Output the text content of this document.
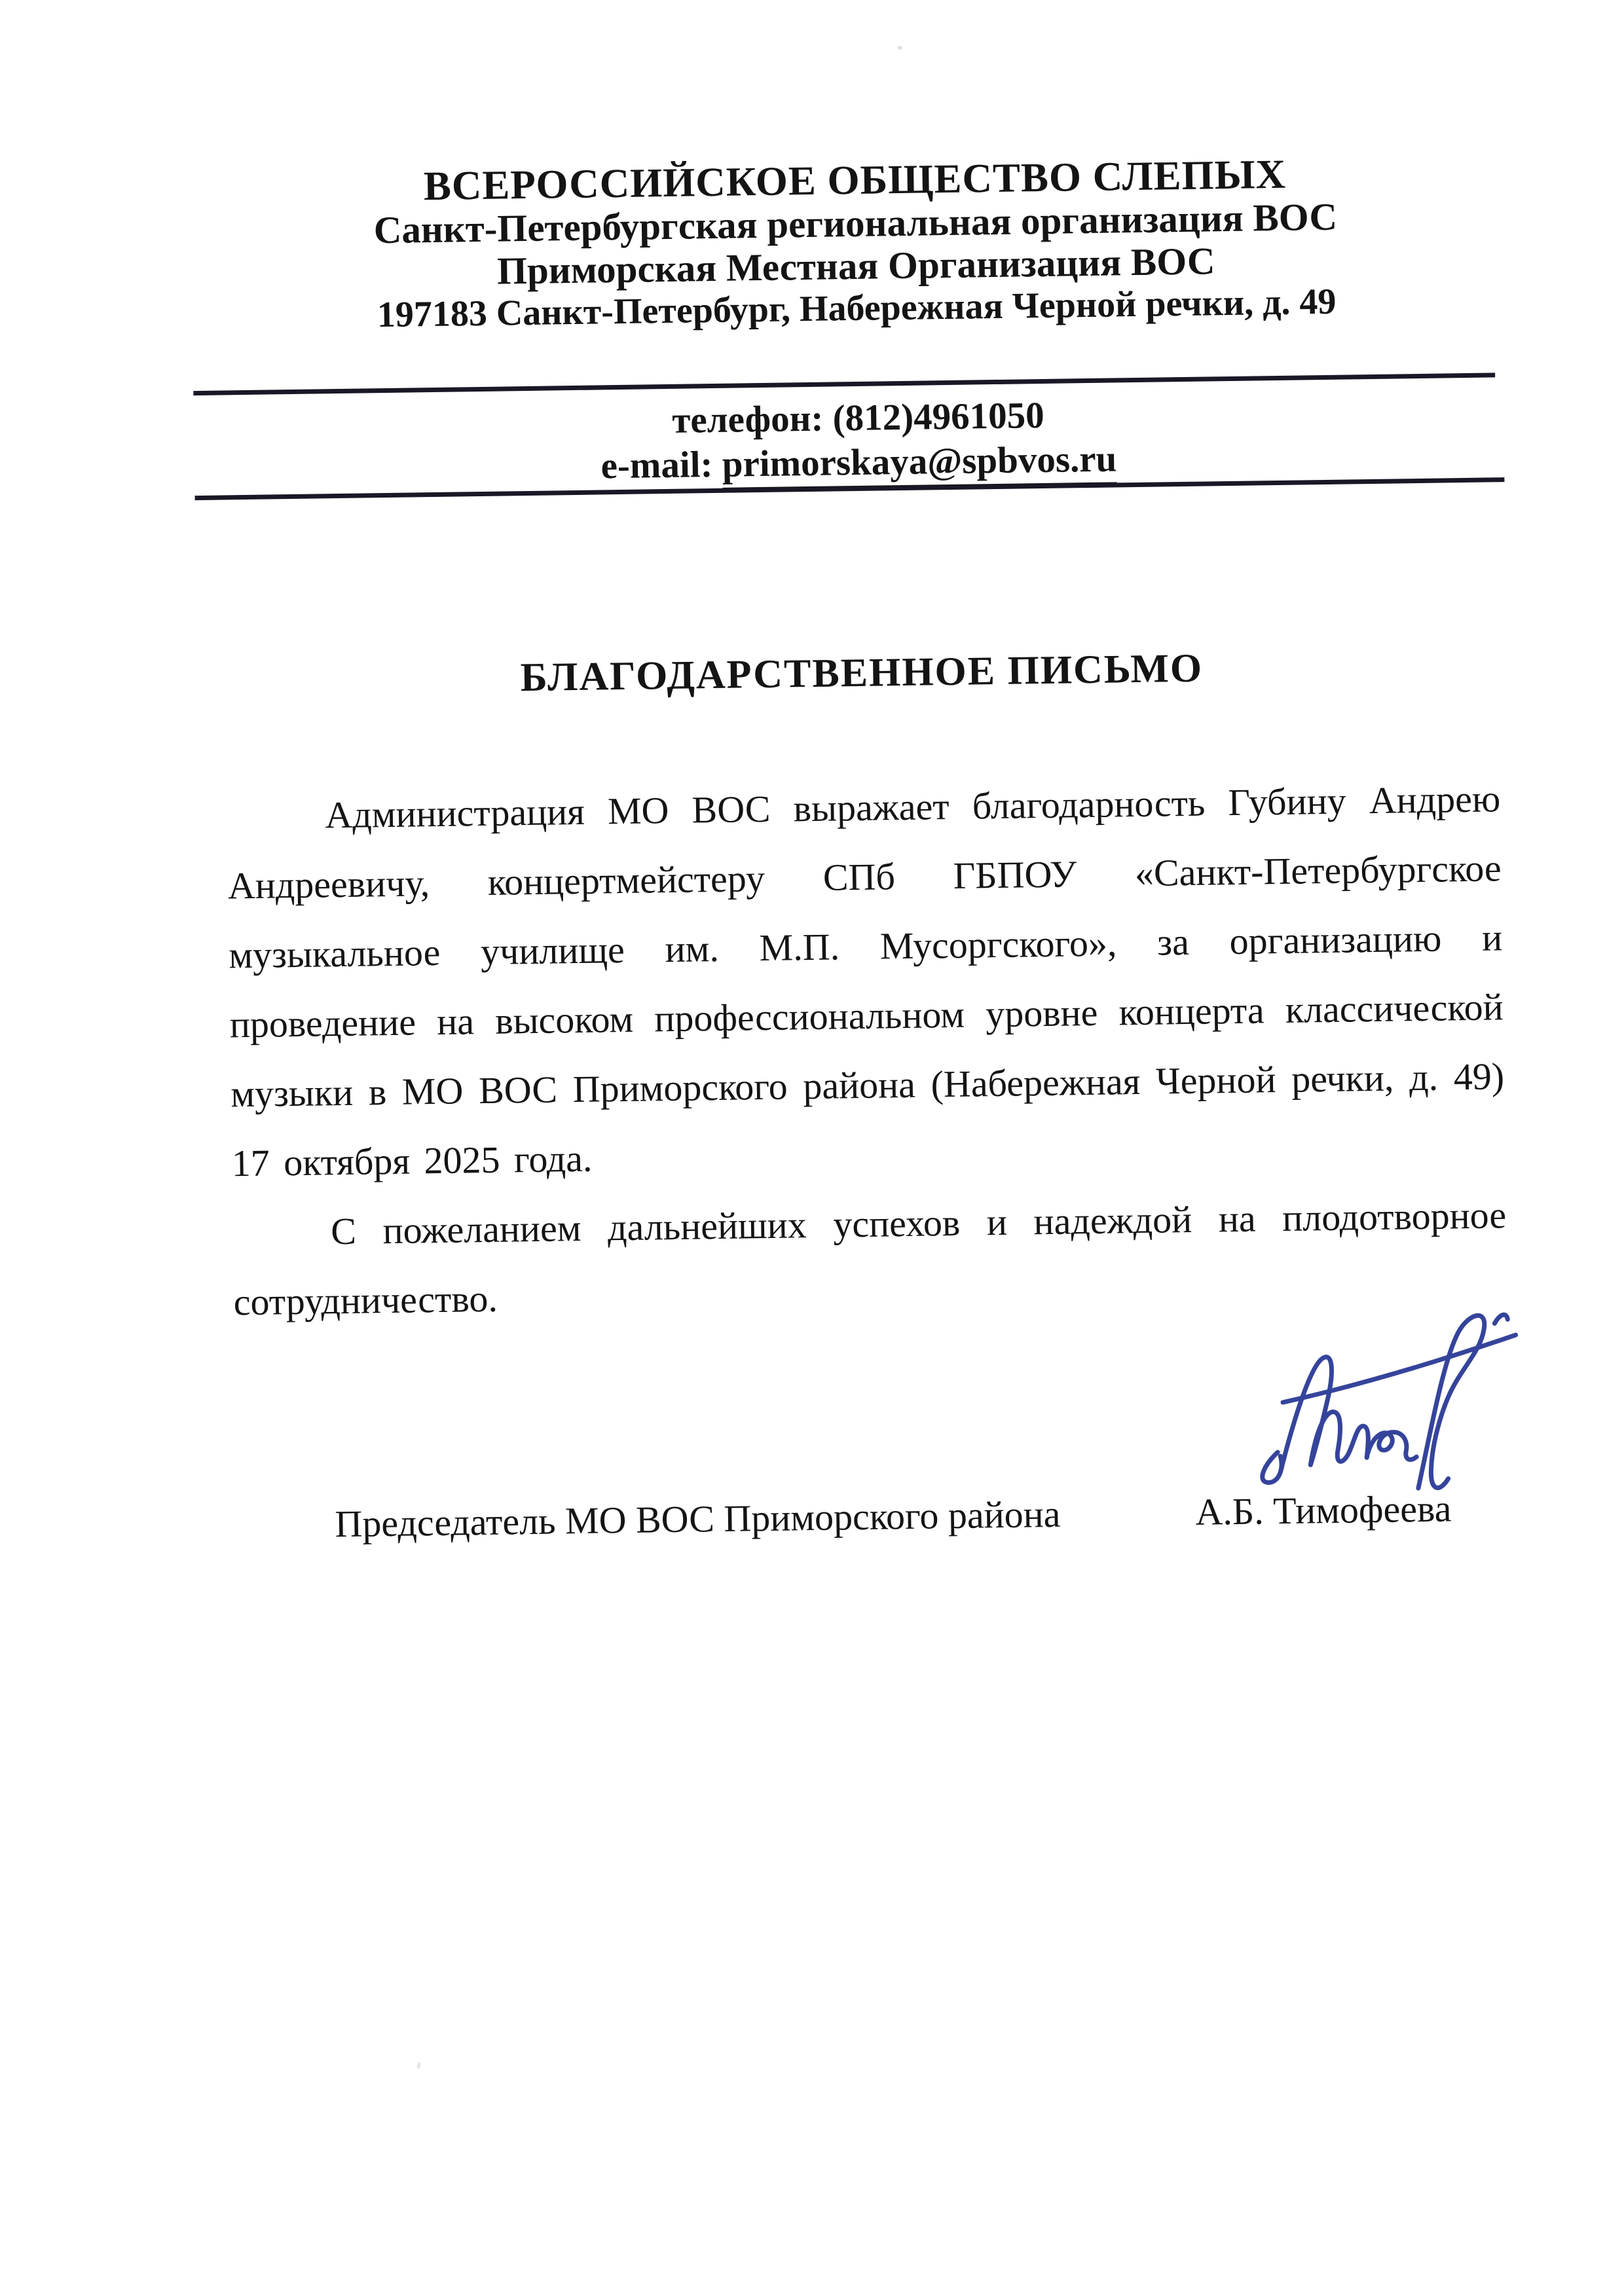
ВСЕРОССИЙСКОЕ ОБЩЕСТВО СЛЕПЫХ
Санкт-Петербургская региональная организация ВОС
Приморская Местная Организация ВОС
197183 Санкт-Петербург, Набережная Черной речки, д. 49
телефон: (812)4961050
e-mail: primorskaya@spbvos.ru
БЛАГОДАРСТВЕННОЕ ПИСЬМО

Администрация МО ВОС выражает благодарность Губину Андрею Андреевичу, концертмейстеру СПб ГБПОУ «Санкт-Петербургское музыкальное училище им. М.П. Мусоргского», за организацию и проведение на высоком профессиональном уровне концерта классической музыки в МО ВОС Приморского района (Набережная Черной речки, д. 49) 17 октября 2025 года.

С пожеланием дальнейших успехов и надеждой на плодотворное сотрудничество.

Председатель МО ВОС Приморского района	А.Б. Тимофеева
